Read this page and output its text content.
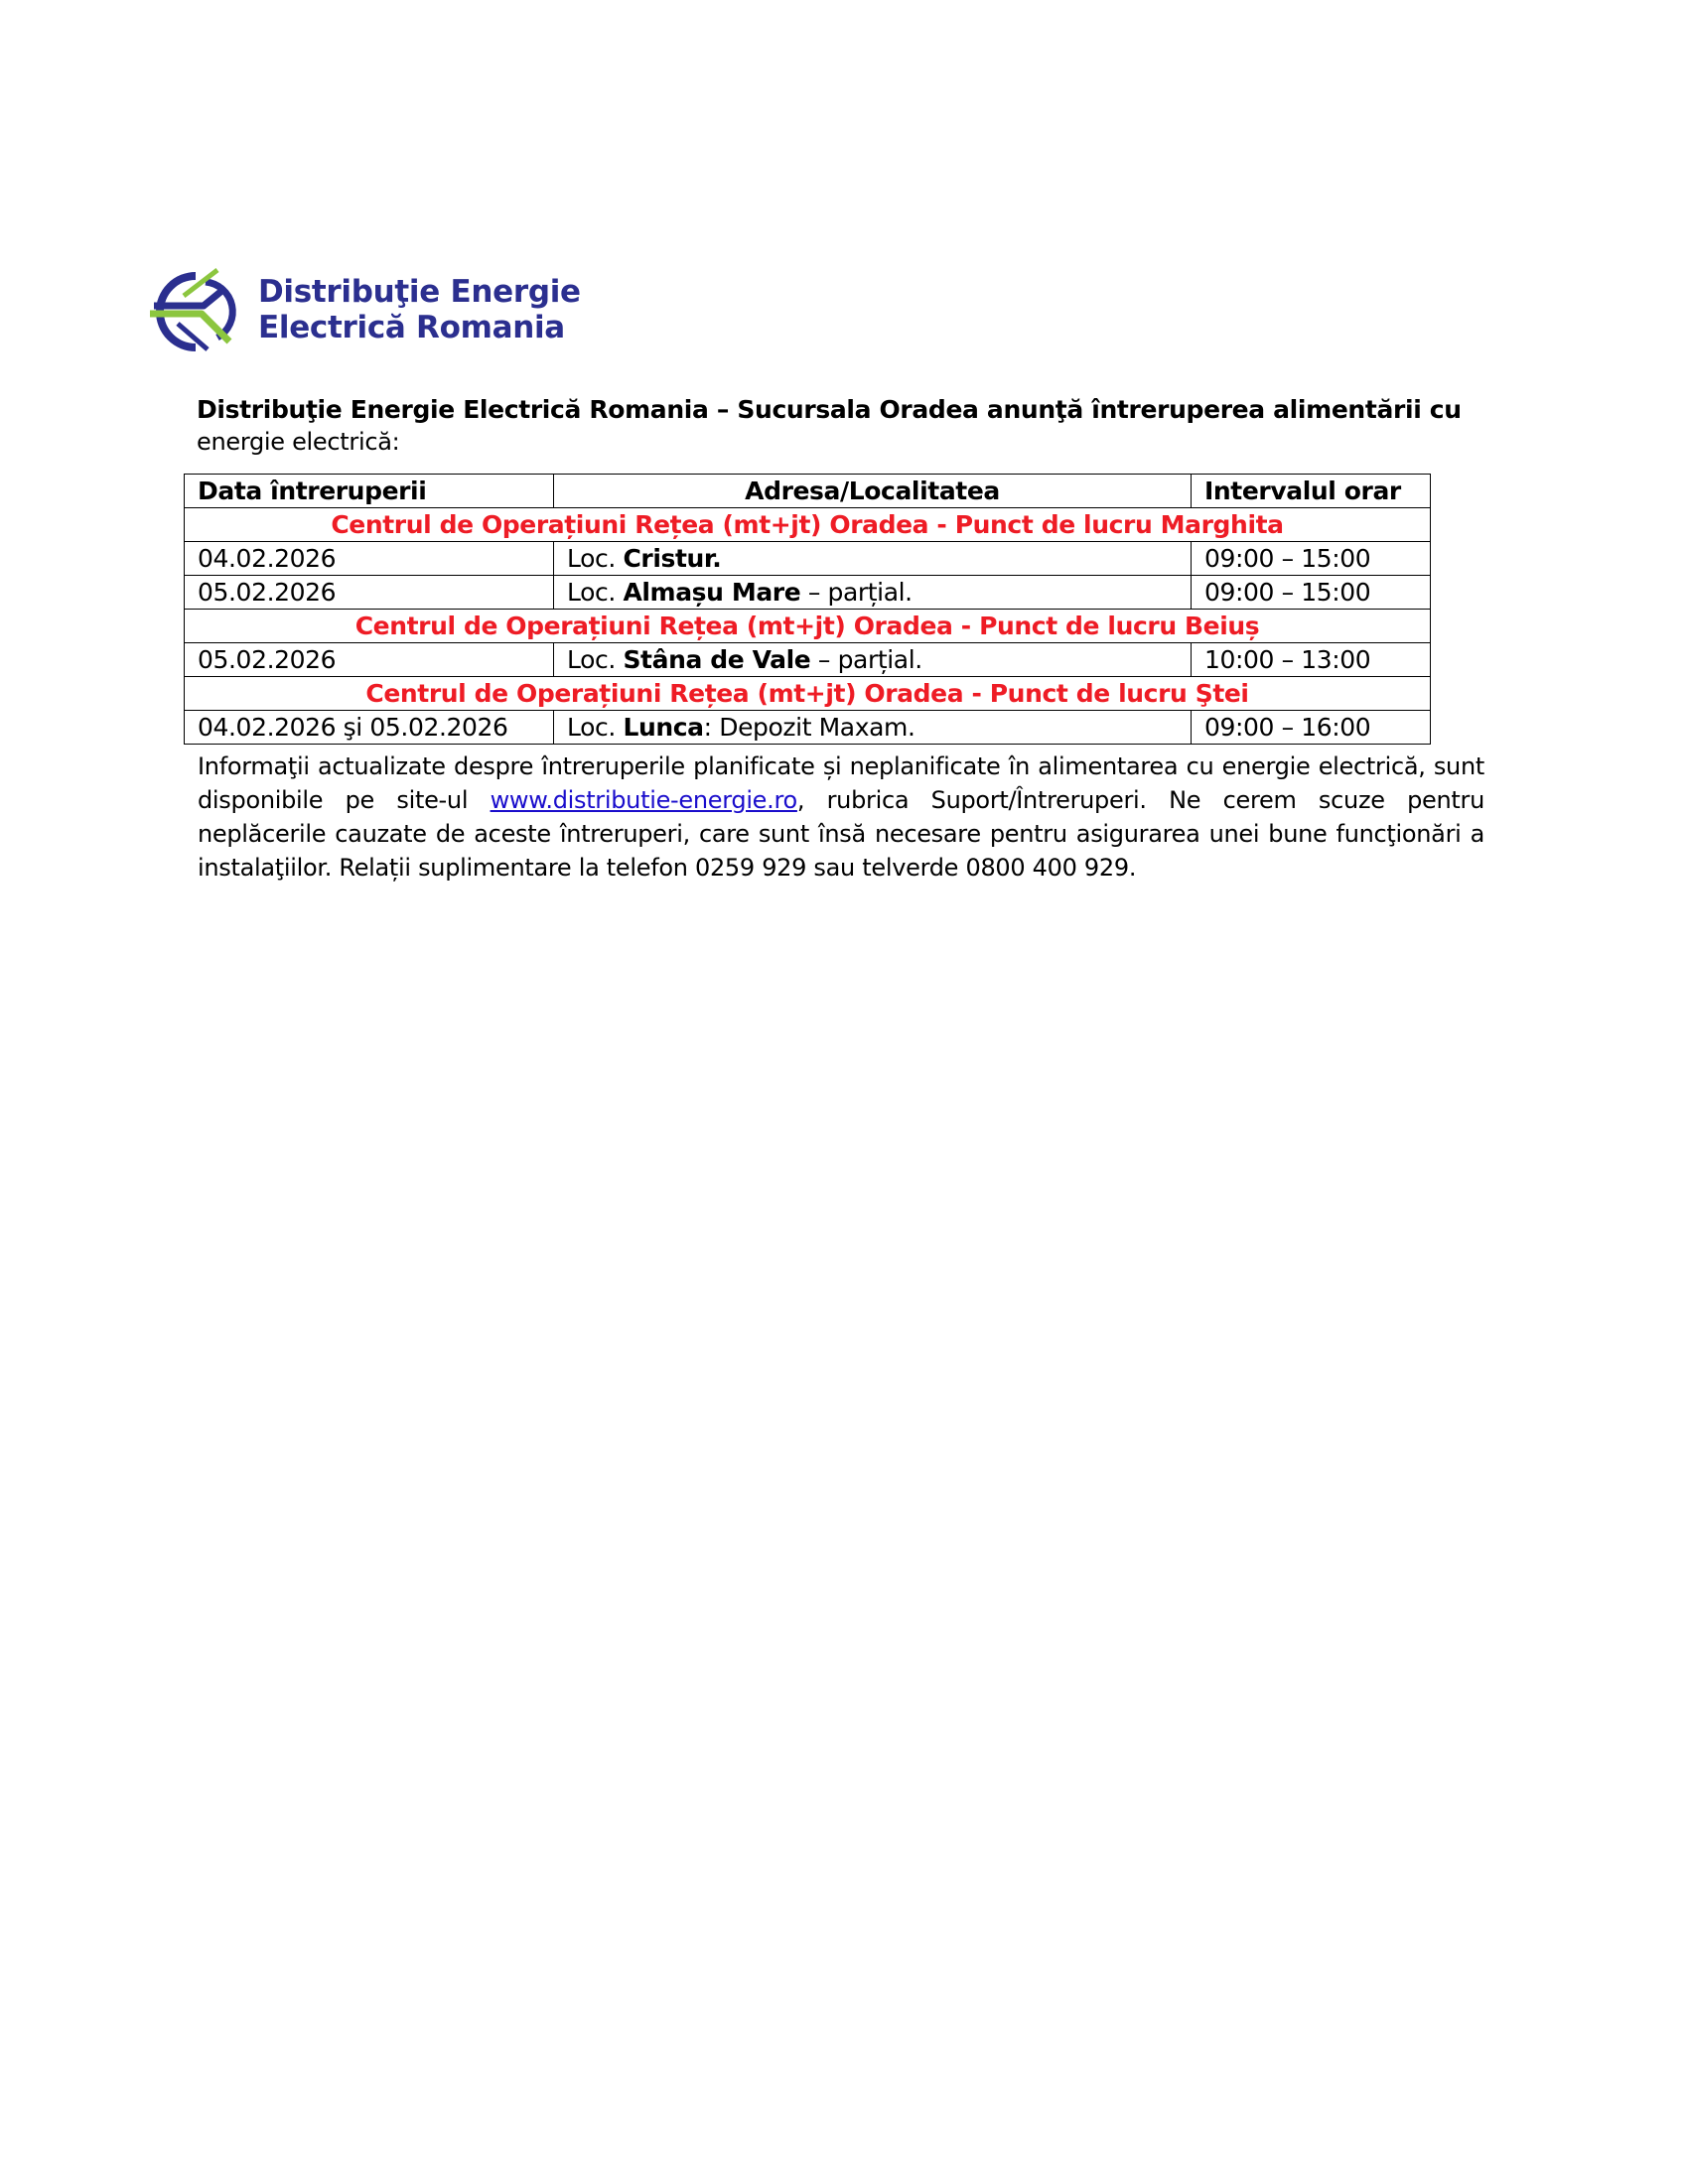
Distribuţie Energie
Electrică Romania
Distribuţie Energie Electrică Romania – Sucursala Oradea anunţă întreruperea alimentării cu
energie electrică:
Data întreruperii	Adresa/Localitatea	Intervalul orar
Centrul de Operațiuni Rețea (mt+jt) Oradea - Punct de lucru Marghita		
04.02.2026	Loc. Cristur.	09:00 – 15:00
05.02.2026	Loc. Almașu Mare – parțial.	09:00 – 15:00
Centrul de Operațiuni Rețea (mt+jt) Oradea - Punct de lucru Beiuș		
05.02.2026	Loc. Stâna de Vale – parțial.	10:00 – 13:00
Centrul de Operațiuni Rețea (mt+jt) Oradea - Punct de lucru Ştei		
04.02.2026 şi 05.02.2026	Loc. Lunca: Depozit Maxam.	09:00 – 16:00
Informaţii actualizate despre întreruperile planificate și neplanificate în alimentarea cu energie electrică, sunt disponibile pe site-ul www.distributie-energie.ro, rubrica Suport/Întreruperi. Ne cerem scuze pentru neplăcerile cauzate de aceste întreruperi, care sunt însă necesare pentru asigurarea unei bune funcţionări a instalaţiilor. Relații suplimentare la telefon 0259 929 sau telverde 0800 400 929.
